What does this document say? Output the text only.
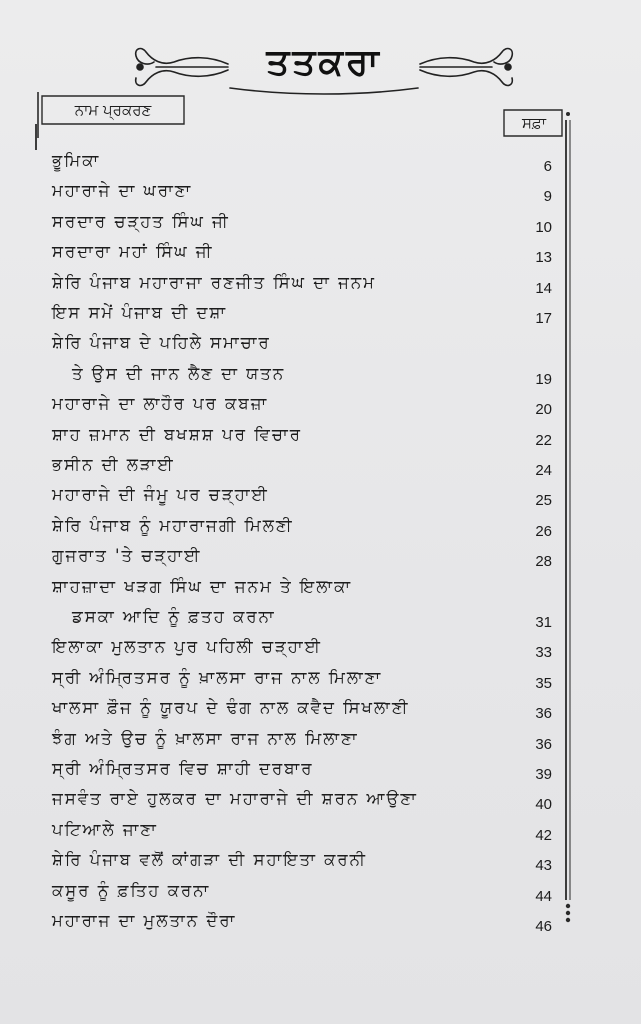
ਤਤਕਰਾ
ਨਾਮ ਪ੍ਰਕਰਣ
ਸਫ਼ਾ
ਭੂਮਿਕਾ	6
ਮਹਾਰਾਜੇ ਦਾ ਘਰਾਣਾ	9
ਸਰਦਾਰ ਚੜ੍ਹਤ ਸਿੰਘ ਜੀ	10
ਸਰਦਾਰਾ ਮਹਾਂ ਸਿੰਘ ਜੀ	13
ਸ਼ੇਰਿ ਪੰਜਾਬ ਮਹਾਰਾਜਾ ਰਣਜੀਤ ਸਿੰਘ ਦਾ ਜਨਮ	14
ਇਸ ਸਮੇਂ ਪੰਜਾਬ ਦੀ ਦਸ਼ਾ	17
ਸ਼ੇਰਿ ਪੰਜਾਬ ਦੇ ਪਹਿਲੇ ਸਮਾਚਾਰ
ਤੇ ਉਸ ਦੀ ਜਾਨ ਲੈਣ ਦਾ ਯਤਨ	19
ਮਹਾਰਾਜੇ ਦਾ ਲਾਹੌਰ ਪਰ ਕਬਜ਼ਾ	20
ਸ਼ਾਹ ਜ਼ਮਾਨ ਦੀ ਬਖਸ਼ਸ਼ ਪਰ ਵਿਚਾਰ	22
ਭਸੀਨ ਦੀ ਲੜਾਈ	24
ਮਹਾਰਾਜੇ ਦੀ ਜੰਮੂ ਪਰ ਚੜ੍ਹਾਈ	25
ਸ਼ੇਰਿ ਪੰਜਾਬ ਨੂੰ ਮਹਾਰਾਜਗੀ ਮਿਲਣੀ	26
ਗੁਜਰਾਤ 'ਤੇ ਚੜ੍ਹਾਈ	28
ਸ਼ਾਹਜ਼ਾਦਾ ਖੜਗ ਸਿੰਘ ਦਾ ਜਨਮ ਤੇ ਇਲਾਕਾ
ਡਸਕਾ ਆਦਿ ਨੂੰ ਫ਼ਤਹ ਕਰਨਾ	31
ਇਲਾਕਾ ਮੁਲਤਾਨ ਪੁਰ ਪਹਿਲੀ ਚੜ੍ਹਾਈ	33
ਸ੍ਰੀ ਅੰਮ੍ਰਿਤਸਰ ਨੂੰ ਖ਼ਾਲਸਾ ਰਾਜ ਨਾਲ ਮਿਲਾਣਾ	35
ਖਾਲਸਾ ਫ਼ੌਜ ਨੂੰ ਯੂਰਪ ਦੇ ਢੰਗ ਨਾਲ ਕਵੈਦ ਸਿਖਲਾਣੀ	36
ਝੰਗ ਅਤੇ ਉਚ ਨੂੰ ਖ਼ਾਲਸਾ ਰਾਜ ਨਾਲ ਮਿਲਾਣਾ	36
ਸ੍ਰੀ ਅੰਮ੍ਰਿਤਸਰ ਵਿਚ ਸ਼ਾਹੀ ਦਰਬਾਰ	39
ਜਸਵੰਤ ਰਾਏ ਹੁਲਕਰ ਦਾ ਮਹਾਰਾਜੇ ਦੀ ਸ਼ਰਨ ਆਉਣਾ	40
ਪਟਿਆਲੇ ਜਾਣਾ	42
ਸ਼ੇਰਿ ਪੰਜਾਬ ਵਲੋਂ ਕਾਂਗੜਾ ਦੀ ਸਹਾਇਤਾ ਕਰਨੀ	43
ਕਸੂਰ ਨੂੰ ਫ਼ਤਿਹ ਕਰਨਾ	44
ਮਹਾਰਾਜ ਦਾ ਮੁਲਤਾਨ ਦੌਰਾ	46
